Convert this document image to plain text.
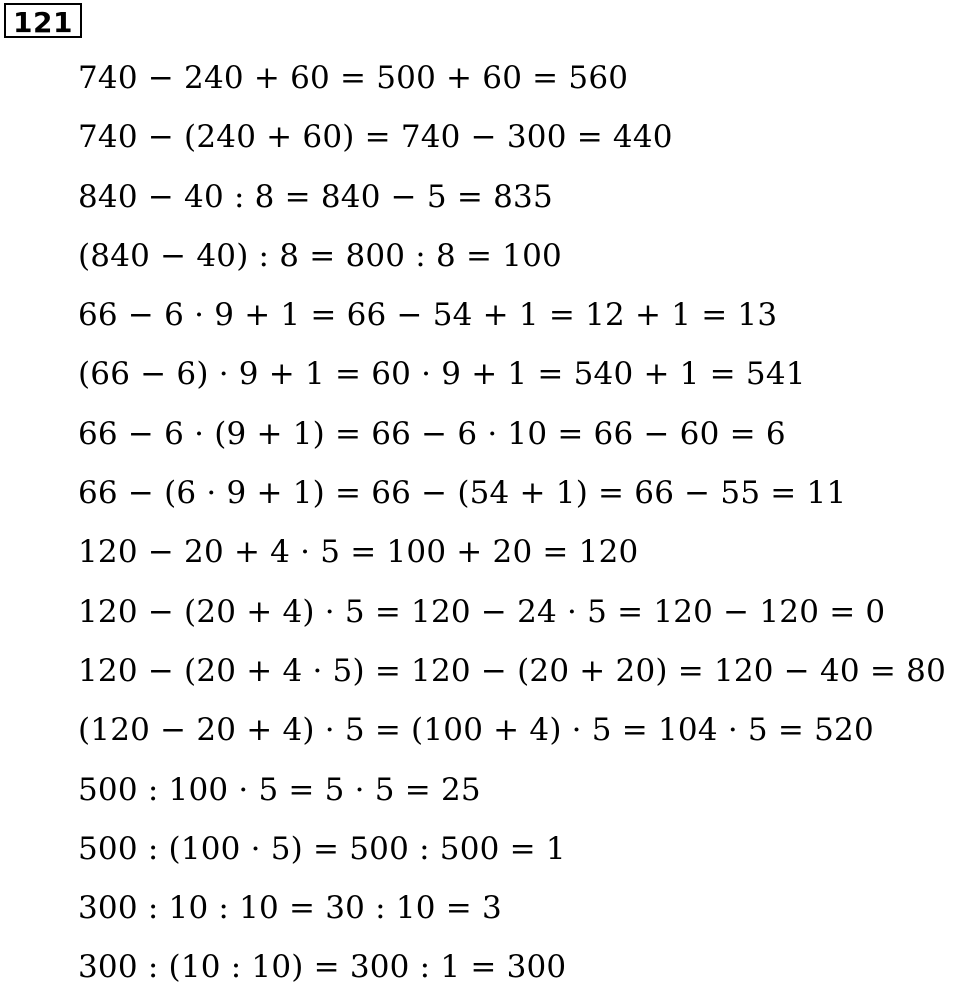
121
740 − 240 + 60 = 500 + 60 = 560
740 − (240 + 60) = 740 − 300 = 440
840 − 40 : 8 = 840 − 5 = 835
(840 − 40) : 8 = 800 : 8 = 100
66 − 6 · 9 + 1 = 66 − 54 + 1 = 12 + 1 = 13
(66 − 6) · 9 + 1 = 60 · 9 + 1 = 540 + 1 = 541
66 − 6 · (9 + 1) = 66 − 6 · 10 = 66 − 60 = 6
66 − (6 · 9 + 1) = 66 − (54 + 1) = 66 − 55 = 11
120 − 20 + 4 · 5 = 100 + 20 = 120
120 − (20 + 4) · 5 = 120 − 24 · 5 = 120 − 120 = 0
120 − (20 + 4 · 5) = 120 − (20 + 20) = 120 − 40 = 80
(120 − 20 + 4) · 5 = (100 + 4) · 5 = 104 · 5 = 520
500 : 100 · 5 = 5 · 5 = 25
500 : (100 · 5) = 500 : 500 = 1
300 : 10 : 10 = 30 : 10 = 3
300 : (10 : 10) = 300 : 1 = 300
